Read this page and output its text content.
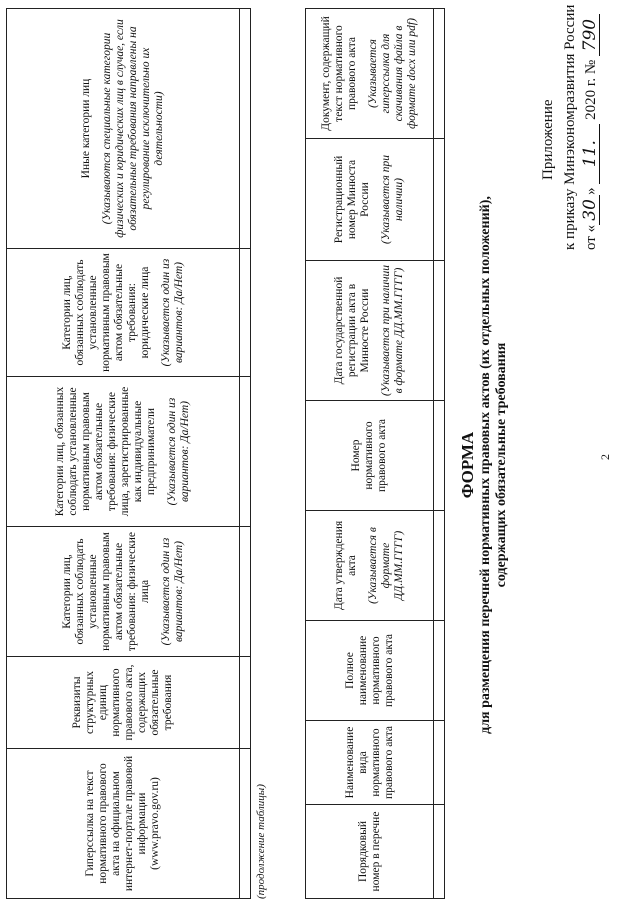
2
Приложение к приказу Минэкономразвития России от «30» 11. 2020 г. № 790
ФОРМА для размещения перечней нормативных правовых актов (их отдельных положений), содержащих обязательные требования
Порядковый номер в перечне	Наименование вида нормативного правового акта	Полное наименование нормативного правового акта	Дата утверждения акта (Указывается в формате ДД.ММ.ГГГГ)	Номер нормативного правового акта	Дата государственной регистрации акта в Минюсте России (Указывается при наличии в формате ДД.ММ.ГГГГ)	Регистрационный номер Минюста России (Указывается при наличии)	Документ, содержащий текст нормативного правового акта (Указывается гиперссылка для скачивания файла в формате docx или pdf)

(продолжение таблицы)
Гиперссылка на текст нормативного правового акта на официальном интернет-портале правовой информации (www.pravo.gov.ru)	Реквизиты структурных единиц нормативного правового акта, содержащих обязательные требования	Категории лиц, обязанных соблюдать установленные нормативным правовым актом обязательные требования: физические лица (Указывается один из вариантов: Да/Нет)	Категории лиц, обязанных соблюдать установленные нормативным правовым актом обязательные требования: физические лица, зарегистрированные как индивидуальные предприниматели (Указывается один из вариантов: Да/Нет)	Категории лиц, обязанных соблюдать установленные нормативным правовым актом обязательные требования: юридические лица (Указывается один из вариантов: Да/Нет)	Иные категории лиц (Указываются специальные категории физических и юридических лиц в случае, если обязательные требования направлены на регулирование исключительно их деятельности)
